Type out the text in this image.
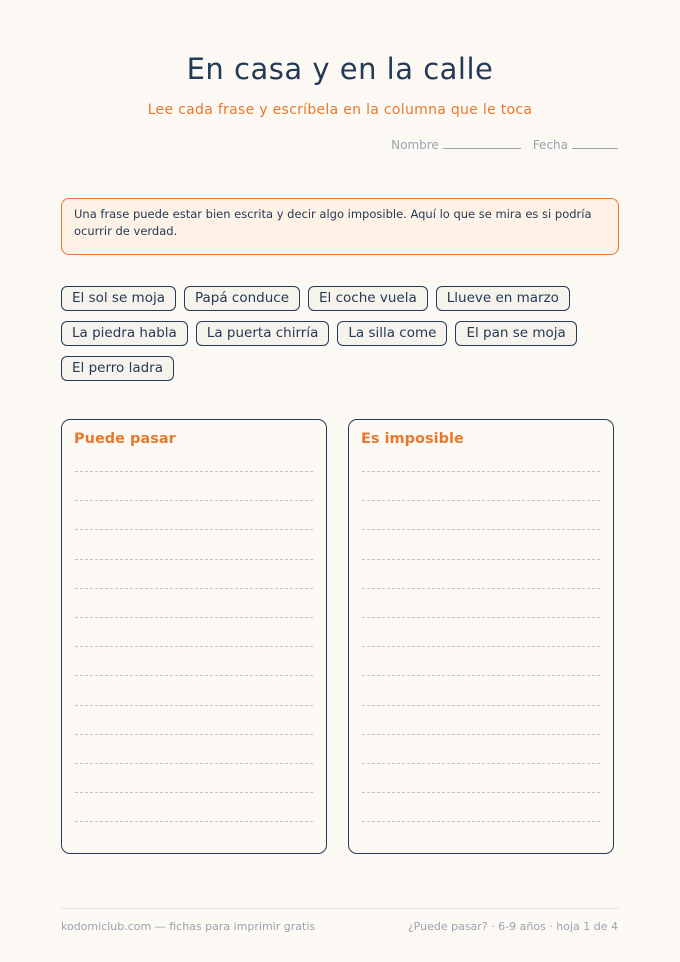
En casa y en la calle
Lee cada frase y escríbela en la columna que le toca
Nombre	Fecha
Una frase puede estar bien escrita y decir algo imposible. Aquí lo que se mira es si podría ocurrir de verdad.
El sol se moja	Papá conduce	El coche vuela	Llueve en marzo
La piedra habla	La puerta chirría	La silla come	El pan se moja
El perro ladra
Puede pasar	Es imposible
kodomiclub.com — fichas para imprimir gratis	¿Puede pasar? · 6-9 años · hoja 1 de 4
